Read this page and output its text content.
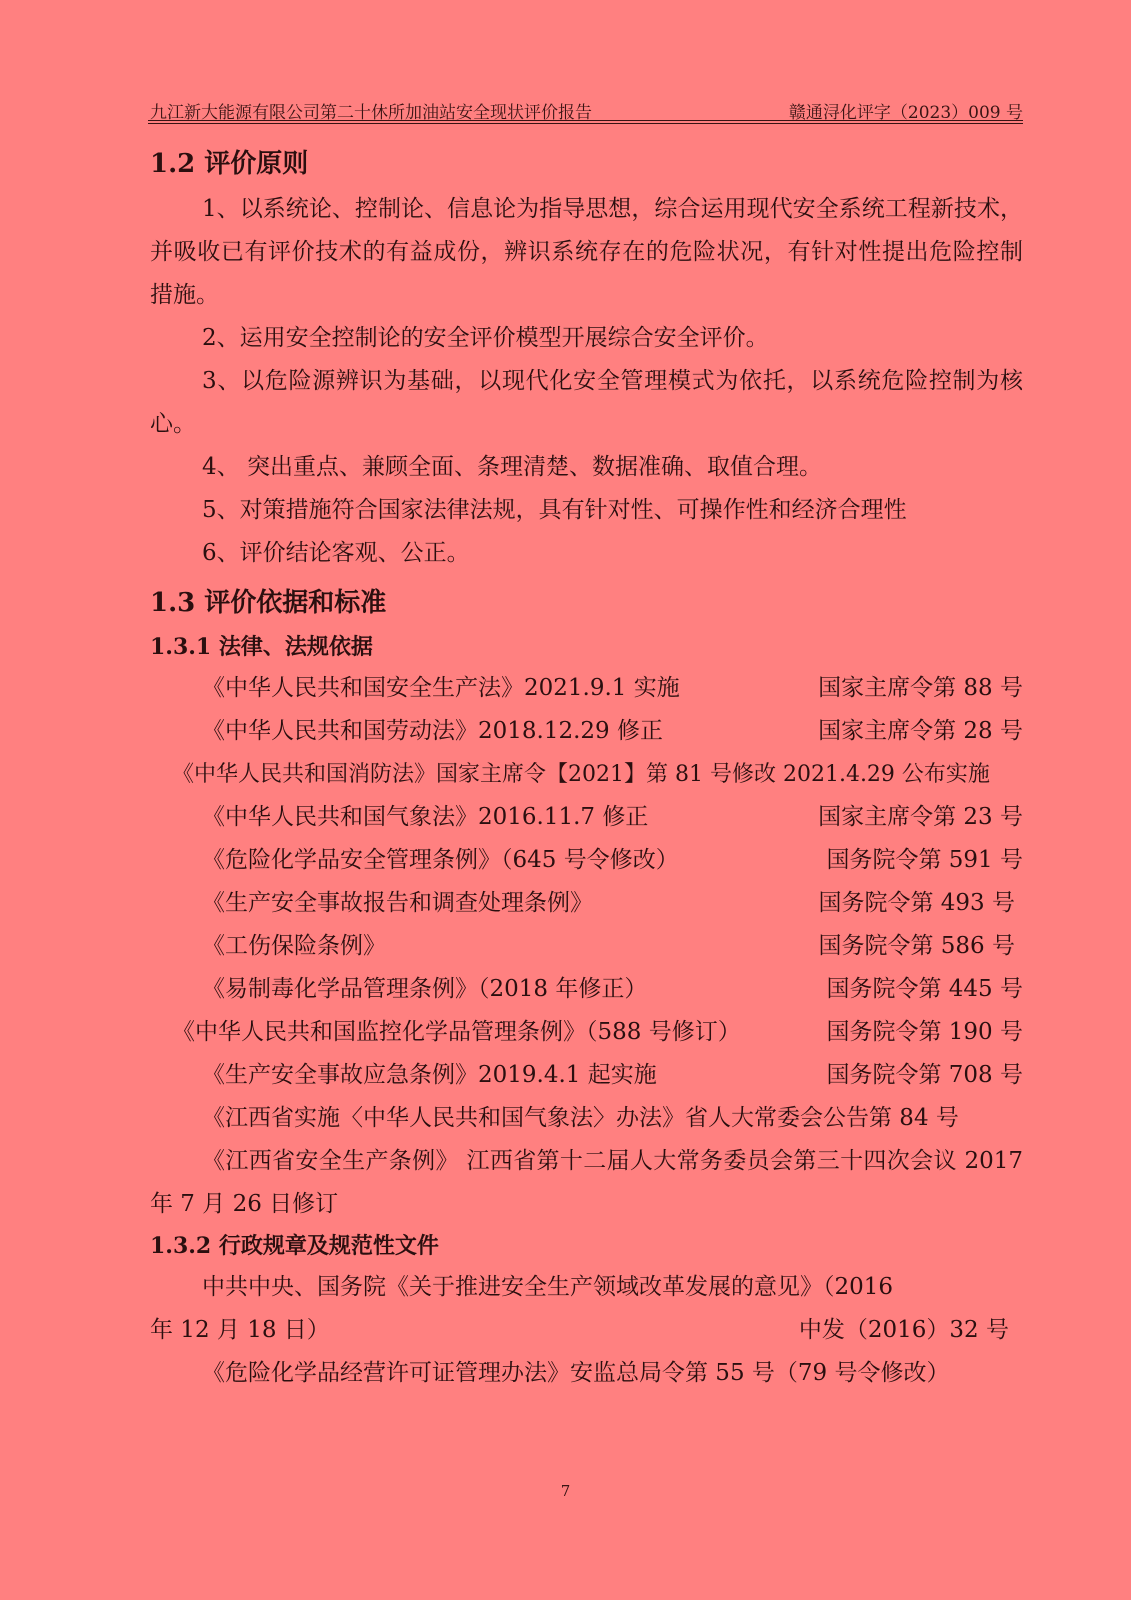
九江新大能源有限公司第二十休所加油站安全现状评价报告	赣通浔化评字（2023）009 号
1.2 评价原则

1、以系统论、控制论、信息论为指导思想，综合运用现代安全系统工程新技术，并吸收已有评价技术的有益成份，辨识系统存在的危险状况，有针对性提出危险控制措施。

2、运用安全控制论的安全评价模型开展综合安全评价。

3、以危险源辨识为基础，以现代化安全管理模式为依托，以系统危险控制为核心。

4、 突出重点、兼顾全面、条理清楚、数据准确、取值合理。

5、对策措施符合国家法律法规，具有针对性、可操作性和经济合理性

6、评价结论客观、公正。

1.3 评价依据和标准
1.3.1 法律、法规依据
《中华人民共和国安全生产法》2021.9.1 实施	国家主席令第 88 号
《中华人民共和国劳动法》2018.12.29 修正	国家主席令第 28 号
《中华人民共和国消防法》国家主席令【2021】第 81 号修改 2021.4.29 公布实施
《中华人民共和国气象法》2016.11.7 修正	国家主席令第 23 号
《危险化学品安全管理条例》（645 号令修改）	国务院令第 591 号
《生产安全事故报告和调查处理条例》	国务院令第 493 号
《工伤保险条例》	国务院令第 586 号
《易制毒化学品管理条例》（2018 年修正）	国务院令第 445 号
《中华人民共和国监控化学品管理条例》（588 号修订）	国务院令第 190 号
《生产安全事故应急条例》2019.4.1 起实施	国务院令第 708 号
《江西省实施〈中华人民共和国气象法〉办法》省人大常委会公告第 84 号

《江西省安全生产条例》 江西省第十二届人大常务委员会第三十四次会议 2017 年 7 月 26 日修订

1.3.2 行政规章及规范性文件

中共中央、国务院《关于推进安全生产领域改革发展的意见》（2016

年 12 月 18 日）	中发（2016）32 号

《危险化学品经营许可证管理办法》安监总局令第 55 号（79 号令修改）

7
